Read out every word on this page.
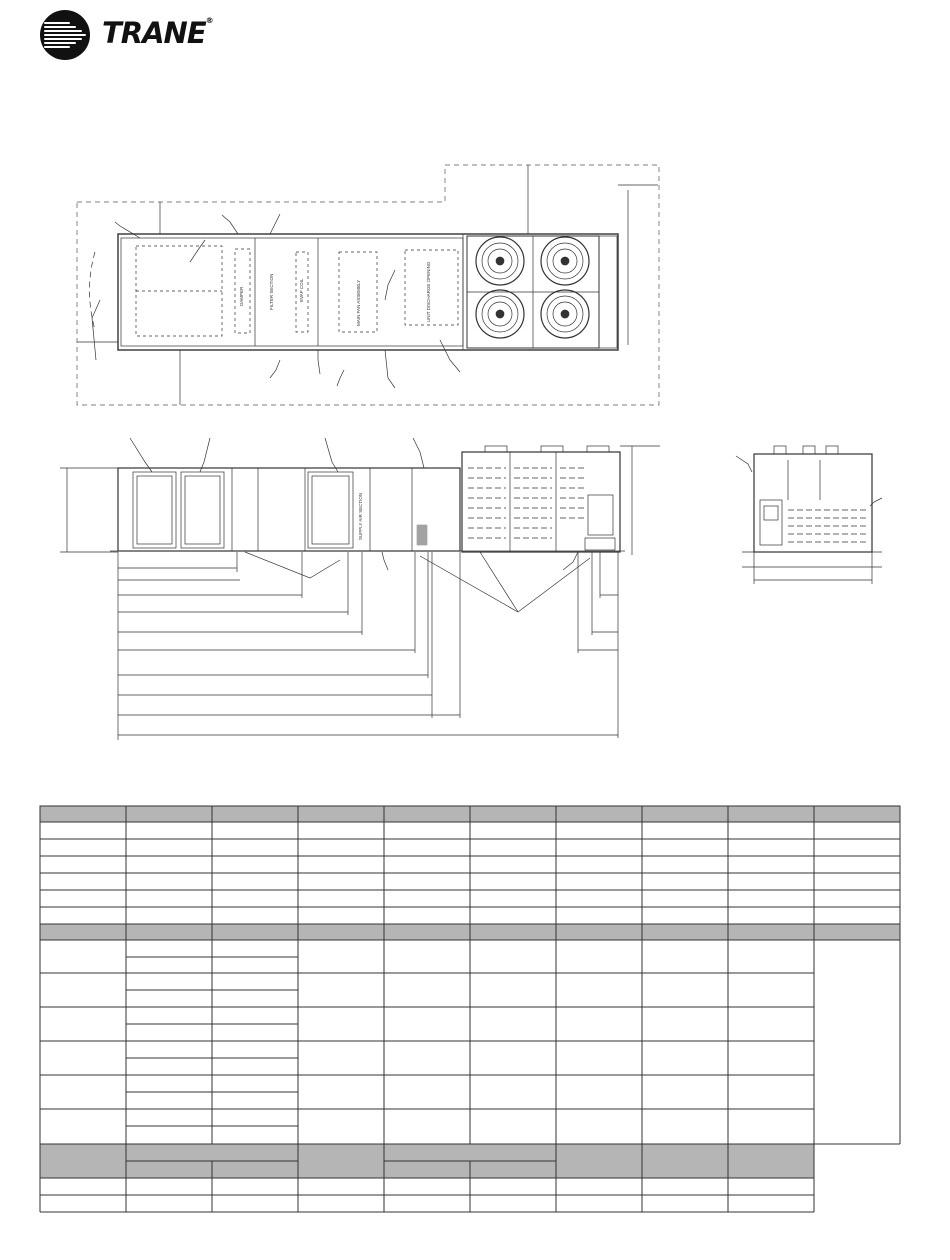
TRANE®
DAMPER	FILTER SECTION	EVAP COIL	MAIN FAN ASSEMBLY	UNIT DISCHARGE OPENING
SUPPLY AIR SECTION
